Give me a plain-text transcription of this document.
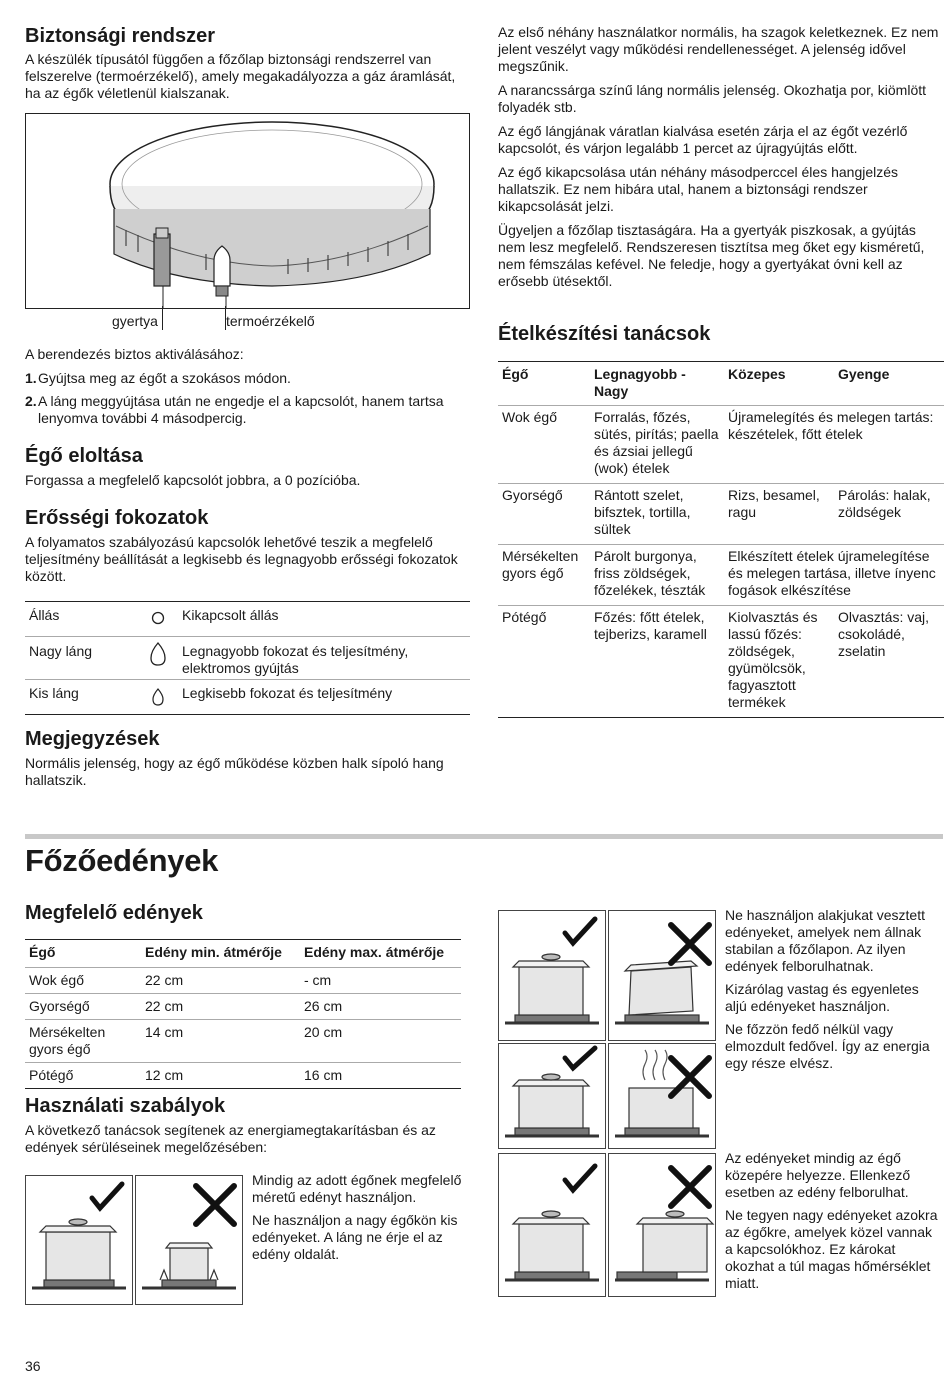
Biztonsági rendszer

A készülék típusától függően a főzőlap biztonsági rendszerrel van felszerelve (termoérzékelő), amely megakadályozza a gáz áramlását, ha az égők véletlenül kialszanak.

gyertya	termoérzékelő

A berendezés biztos aktiválásához:

1. Gyújtsa meg az égőt a szokásos módon.
2. A láng meggyújtása után ne engedje el a kapcsolót, hanem tartsa lenyomva további 4 másodpercig.
Égő eloltása

Forgassa a megfelelő kapcsolót jobbra, a 0 pozícióba.

Erősségi fokozatok

A folyamatos szabályozású kapcsolók lehetővé teszik a megfelelő teljesítmény beállítását a legkisebb és legnagyobb erősségi fokozatok között.

Állás	Kikapcsolt állás
Nagy láng	Legnagyobb fokozat és teljesítmény, elektromos gyújtás
Kis láng	Legkisebb fokozat és teljesítmény
Megjegyzések

Normális jelenség, hogy az égő működése közben halk sípoló hang hallatszik.

Az első néhány használatkor normális, ha szagok keletkeznek. Ez nem jelent veszélyt vagy működési rendellenességet. A jelenség idővel megszűnik.

A narancssárga színű láng normális jelenség. Okozhatja por, kiömlött folyadék stb.

Az égő lángjának váratlan kialvása esetén zárja el az égőt vezérlő kapcsolót, és várjon legalább 1 percet az újragyújtás előtt.

Az égő kikapcsolása után néhány másodperccel éles hangjelzés hallatszik. Ez nem hibára utal, hanem a biztonsági rendszer kikapcsolását jelzi.

Ügyeljen a főzőlap tisztaságára. Ha a gyertyák piszkosak, a gyújtás nem lesz megfelelő. Rendszeresen tisztítsa meg őket egy kisméretű, nem fémszálas kefével. Ne feledje, hogy a gyertyákat óvni kell az erősebb ütésektől.

Ételkészítési tanácsok
Égő	Legnagyobb - Nagy	Közepes	Gyenge
Wok égő	Forralás, főzés, sütés, pirítás; paella és ázsiai jellegű (wok) ételek	Újramelegítés és melegen tartás: készételek, főtt ételek	
Gyorségő	Rántott szelet, bifsztek, tortilla, sültek	Rizs, besamel, ragu	Párolás: halak, zöldségek
Mérsékelten gyors égő	Párolt burgonya, friss zöldségek, főzelékek, tészták	Elkészített ételek újramelegítése és melegen tartása, illetve ínyenc fogások elkészítése	
Pótégő	Főzés: főtt ételek, tejberizs, karamell	Kiolvasztás és lassú főzés: zöldségek, gyümölcsök, fagyasztott termékek	Olvasztás: vaj, csokoládé, zselatin
Főzőedények
Megfelelő edények
Égő	Edény min. átmérője	Edény max. átmérője
Wok égő	22 cm	- cm
Gyorségő	22 cm	26 cm
Mérsékelten gyors égő	14 cm	20 cm
Pótégő	12 cm	16 cm
Használati szabályok

A következő tanácsok segítenek az energiamegtakarításban és az edények sérüléseinek megelőzésében:

Mindig az adott égőnek megfelelő méretű edényt használjon.

Ne használjon a nagy égőkön kis edényeket. A láng ne érje el az edény oldalát.

Ne használjon alakjukat vesztett edényeket, amelyek nem állnak stabilan a főzőlapon. Az ilyen edények felborulhatnak.

Kizárólag vastag és egyenletes aljú edényeket használjon.

Ne főzzön fedő nélkül vagy elmozdult fedővel. Így az energia egy része elvész.

Az edényeket mindig az égő közepére helyezze. Ellenkező esetben az edény felborulhat.

Ne tegyen nagy edényeket azokra az égőkre, amelyek közel vannak a kapcsolókhoz. Ez károkat okozhat a túl magas hőmérséklet miatt.

36
